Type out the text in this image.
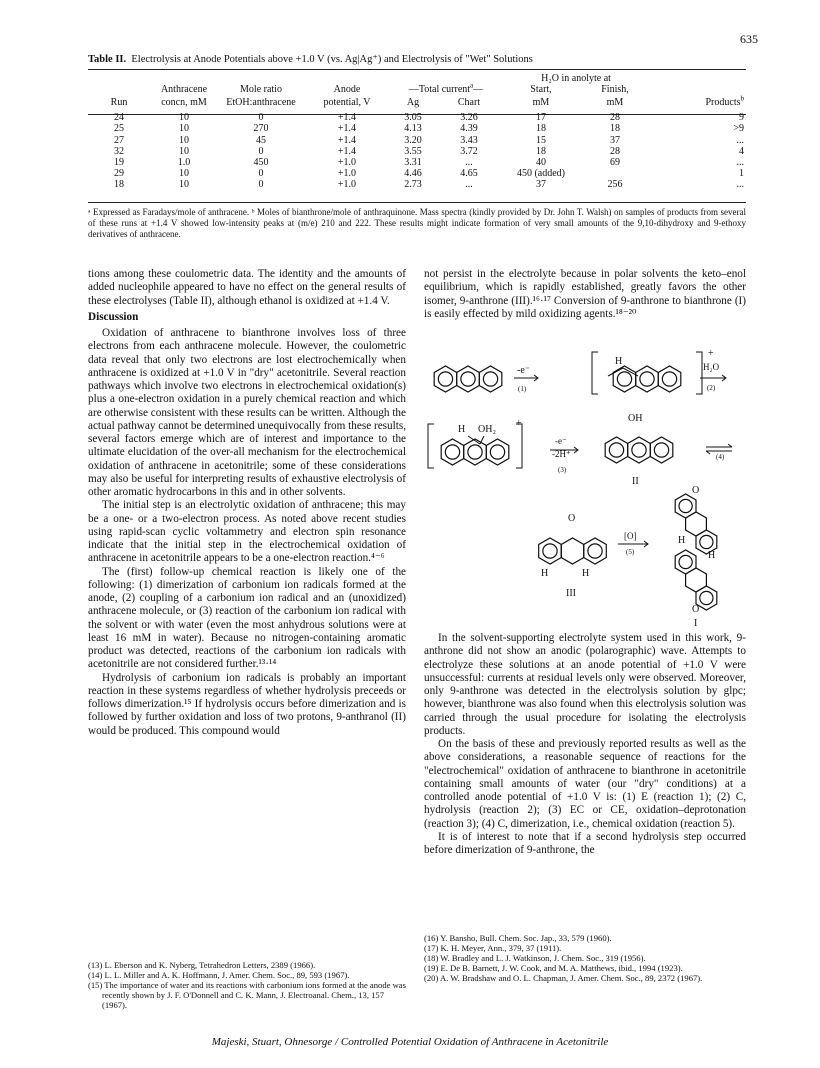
635
Table II. Electrolysis at Anode Potentials above +1.0 V (vs. Ag|Ag⁺) and Electrolysis of "Wet" Solutions
						H₂O in anolyte at		
	Anthracene	Mole ratio	Anode	—Total current$^a$—		Start,	Finish,	
Run	concn, mM	EtOH:anthracene	potential, V	Ag	Chart	mM	mM	Products$^b$

24	10	0	+1.4	3.05	3.26	17	28	9
25	10	270	+1.4	4.13	4.39	18	18	>9
27	10	45	+1.4	3.20	3.43	15	37	...
32	10	0	+1.4	3.55	3.72	18	28	4
19	1.0	450	+1.0	3.31	...	40	69	...
29	10	0	+1.0	4.46	4.65	450 (added)		1
18	10	0	+1.0	2.73	...	37	256	...
ᵃ Expressed as Faradays/mole of anthracene. ᵇ Moles of bianthrone/mole of anthraquinone. Mass spectra (kindly provided by Dr. John T. Walsh) on samples of products from several of these runs at +1.4 V showed low-intensity peaks at (m/e) 210 and 222. These results might indicate formation of very small amounts of the 9,10-dihydroxy and 9-ethoxy derivatives of anthracene.

tions among these coulometric data. The identity and the amounts of added nucleophile appeared to have no effect on the general results of these electrolyses (Table II), although ethanol is oxidized at +1.4 V.

Discussion

Oxidation of anthracene to bianthrone involves loss of three electrons from each anthracene molecule. However, the coulometric data reveal that only two electrons are lost electrochemically when anthracene is oxidized at +1.0 V in "dry" acetonitrile. Several reaction pathways which involve two electrons in electrochemical oxidation(s) plus a one-electron oxidation in a purely chemical reaction and which are otherwise consistent with these results can be written. Although the actual pathway cannot be determined unequivocally from these results, several factors emerge which are of interest and importance to the ultimate elucidation of the over-all mechanism for the electrochemical oxidation of anthracene in acetonitrile; some of these considerations may also be useful for interpreting results of exhaustive electrolysis of other aromatic hydrocarbons in this and in other solvents.

The initial step is an electrolytic oxidation of anthracene; this may be a one- or a two-electron process. As noted above recent studies using rapid-scan cyclic voltammetry and electron spin resonance indicate that the initial step in the electrochemical oxidation of anthracene in acetonitrile appears to be a one-electron reaction.⁴⁻⁶

The (first) follow-up chemical reaction is likely one of the following: (1) dimerization of carbonium ion radicals formed at the anode, (2) coupling of a carbonium ion radical and an (unoxidized) anthracene molecule, or (3) reaction of the carbonium ion radical with the solvent or with water (even the most anhydrous solutions were at least 16 mM in water). Because no nitrogen-containing aromatic product was detected, reactions of the carbonium ion radicals with acetonitrile are not considered further.¹³·¹⁴

Hydrolysis of carbonium ion radicals is probably an important reaction in these systems regardless of whether hydrolysis preceeds or follows dimerization.¹⁵ If hydrolysis occurs before dimerization and is followed by further oxidation and loss of two protons, 9-anthranol (II) would be produced. This compound would

(13) L. Eberson and K. Nyberg, Tetrahedron Letters, 2389 (1966).
(14) L. L. Miller and A. K. Hoffmann, J. Amer. Chem. Soc., 89, 593 (1967).
(15) The importance of water and its reactions with carbonium ions formed at the anode was recently shown by J. F. O'Donnell and C. K. Mann, J. Electroanal. Chem., 13, 157 (1967).

not persist in the electrolyte because in polar solvents the keto–enol equilibrium, which is rapidly established, greatly favors the other isomer, 9-anthrone (III).¹⁶·¹⁷ Conversion of 9-anthrone to bianthrone (I) is easily effected by mild oxidizing agents.¹⁸⁻²⁰

-e⁻
(1)
H
+
H₂O
(2)
H OH₂
+
-e⁻
-2H⁺
(3)
OH
II
(4)
O
O
H	H
III
[O]
(5)
H
H
O
I

In the solvent-supporting electrolyte system used in this work, 9-anthrone did not show an anodic (polarographic) wave. Attempts to electrolyze these solutions at an anode potential of +1.0 V were unsuccessful: currents at residual levels only were observed. Moreover, only 9-anthrone was detected in the electrolysis solution by glpc; however, bianthrone was also found when this electrolysis solution was carried through the usual procedure for isolating the electrolysis products.

On the basis of these and previously reported results as well as the above considerations, a reasonable sequence of reactions for the "electrochemical" oxidation of anthracene to bianthrone in acetonitrile containing small amounts of water (our "dry" conditions) at a controlled anode potential of +1.0 V is: (1) E (reaction 1); (2) C, hydrolysis (reaction 2); (3) EC or CE, oxidation–deprotonation (reaction 3); (4) C, dimerization, i.e., chemical oxidation (reaction 5).

It is of interest to note that if a second hydrolysis step occurred before dimerization of 9-anthrone, the

(16) Y. Bansho, Bull. Chem. Soc. Jap., 33, 579 (1960).
(17) K. H. Meyer, Ann., 379, 37 (1911).
(18) W. Bradley and L. J. Watkinson, J. Chem. Soc., 319 (1956).
(19) E. De B. Barnett, J. W. Cook, and M. A. Matthews, ibid., 1994 (1923).
(20) A. W. Bradshaw and O. L. Chapman, J. Amer. Chem. Soc., 89, 2372 (1967).
Majeski, Stuart, Ohnesorge / Controlled Potential Oxidation of Anthracene in Acetonitrile
